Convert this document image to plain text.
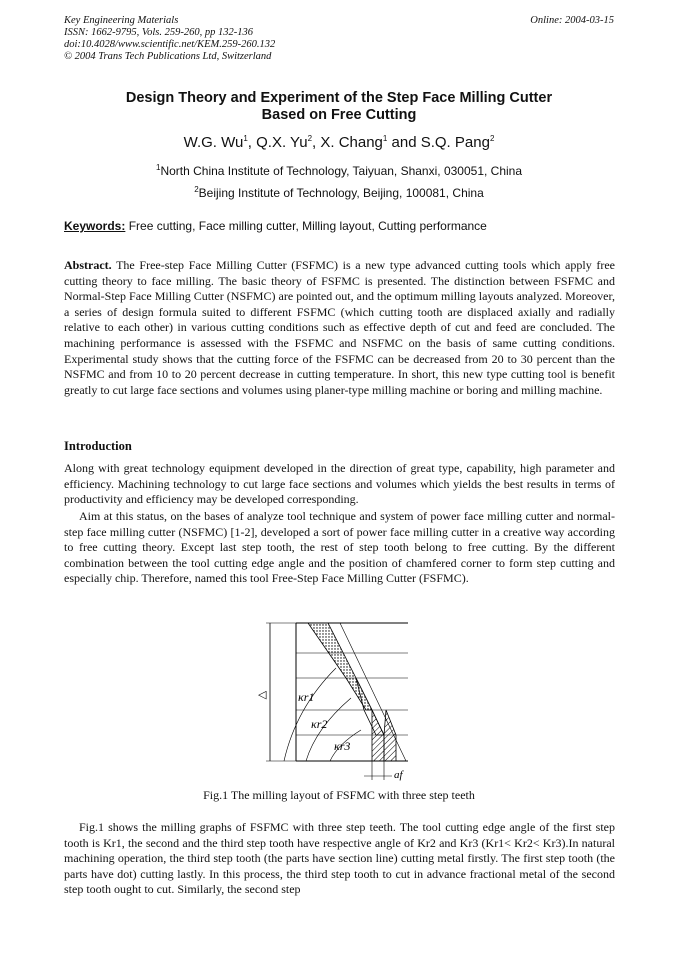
Key Engineering Materials
ISSN: 1662-9795, Vols. 259-260, pp 132-136
doi:10.4028/www.scientific.net/KEM.259-260.132
© 2004 Trans Tech Publications Ltd, Switzerland
Online: 2004-03-15
Design Theory and Experiment of the Step Face Milling Cutter
Based on Free Cutting
W.G. Wu$^1$, Q.X. Yu$^2$, X. Chang$^1$ and S.Q. Pang$^2$
$^1$North China Institute of Technology, Taiyuan, Shanxi, 030051, China
$^2$Beijing Institute of Technology, Beijing, 100081, China
Keywords: Free cutting, Face milling cutter, Milling layout, Cutting performance
Abstract. The Free-step Face Milling Cutter (FSFMC) is a new type advanced cutting tools which apply free cutting theory to face milling. The basic theory of FSFMC is presented. The distinction between FSFMC and Normal-Step Face Milling Cutter (NSFMC) are pointed out, and the optimum milling layouts analyzed. Moreover, a series of design formula suited to different FSFMC (which cutting tooth are displaced axially and radially relative to each other) in various cutting conditions such as effective depth of cut and feed are concluded. The machining performance is assessed with the FSFMC and NSFMC on the basis of same cutting conditions. Experimental study shows that the cutting force of the FSFMC can be decreased from 20 to 30 percent than the NSFMC and from 10 to 20 percent decrease in cutting temperature. In short, this new type cutting tool is benefit greatly to cut large face sections and volumes using planer-type milling machine or boring and milling machine.
Introduction
Along with great technology equipment developed in the direction of great type, capability, high parameter and efficiency. Machining technology to cut large face sections and volumes which yields the best results in terms of productivity and efficiency may be developed corresponding.
Aim at this status, on the bases of analyze tool technique and system of power face milling cutter and normal-step face milling cutter (NSFMC) [1-2], developed a sort of power face milling cutter in a creative way according to free cutting theory. Except last step tooth, the rest of step tooth belong to free cutting. By the different combination between the tool cutting edge angle and the position of chamfered corner to form step cutting and especially chip. Therefore, named this tool Free-Step Face Milling Cutter (FSFMC).
◁	κr1
κr2
κr3
af
Fig.1 The milling layout of FSFMC with three step teeth
Fig.1 shows the milling graphs of FSFMC with three step teeth. The tool cutting edge angle of the first step tooth is Kr1, the second and the third step tooth have respective angle of Kr2 and Kr3 (Kr1< Kr2< Kr3).In natural machining operation, the third step tooth (the parts have section line) cutting metal firstly. The first step tooth (the parts have dot) cutting lastly. In this process, the third step tooth to cut in advance fractional metal of the second step tooth ought to cut. Similarly, the second step
